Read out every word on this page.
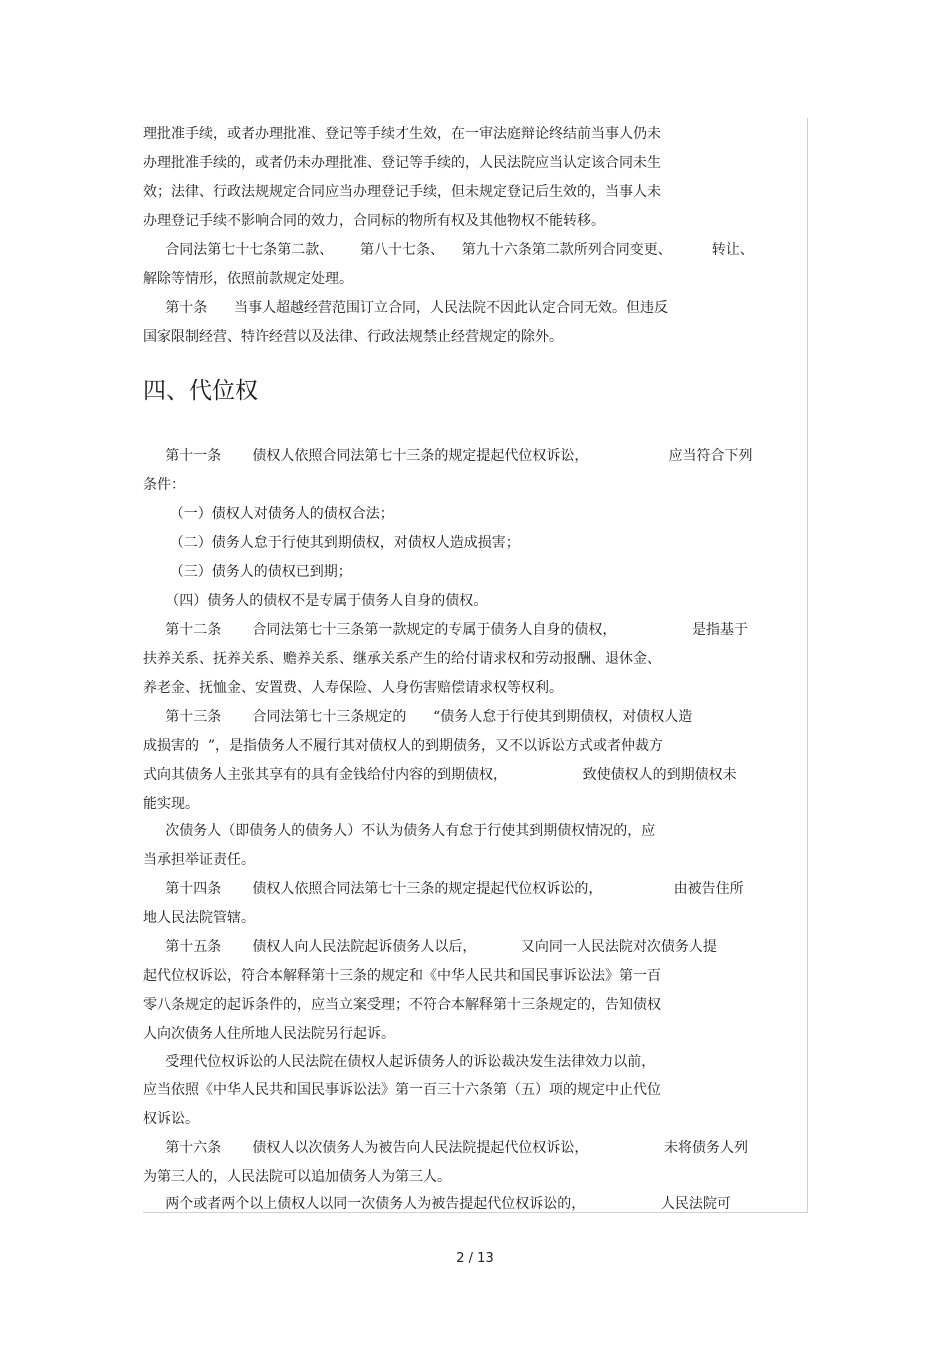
理批准手续，或者办理批准、登记等手续才生效，在一审法庭辩论终结前当事人仍未
办理批准手续的，或者仍未办理批准、登记等手续的，人民法院应当认定该合同未生
效；法律、行政法规规定合同应当办理登记手续，但未规定登记后生效的，当事人未
办理登记手续不影响合同的效力，合同标的物所有权及其他物权不能转移。
合同法第七十七条第二款、      第八十七条、    第九十六条第二款所列合同变更、         转让、
解除等情形，依照前款规定处理。
第十条      当事人超越经营范围订立合同，人民法院不因此认定合同无效。但违反
国家限制经营、特许经营以及法律、行政法规禁止经营规定的除外。
四、代位权
第十一条       债权人依照合同法第七十三条的规定提起代位权诉讼，                  应当符合下列
条件：
（一）债权人对债务人的债权合法；
（二）债务人怠于行使其到期债权，对债权人造成损害；
（三）债务人的债权已到期；
（四）债务人的债权不是专属于债务人自身的债权。
第十二条       合同法第七十三条第一款规定的专属于债务人自身的债权，                 是指基于
扶养关系、抚养关系、赡养关系、继承关系产生的给付请求权和劳动报酬、退休金、
养老金、抚恤金、安置费、人寿保险、人身伤害赔偿请求权等权利。
第十三条       合同法第七十三条规定的      “债务人怠于行使其到期债权，对债权人造
成损害的  ”，是指债务人不履行其对债权人的到期债务，又不以诉讼方式或者仲裁方
式向其债务人主张其享有的具有金钱给付内容的到期债权，                 致使债权人的到期债权未
能实现。
次债务人（即债务人的债务人）不认为债务人有怠于行使其到期债权情况的，应
当承担举证责任。
第十四条       债权人依照合同法第七十三条的规定提起代位权诉讼的，                由被告住所
地人民法院管辖。
第十五条       债权人向人民法院起诉债务人以后，          又向同一人民法院对次债务人提
起代位权诉讼，符合本解释第十三条的规定和《中华人民共和国民事诉讼法》第一百
零八条规定的起诉条件的，应当立案受理；不符合本解释第十三条规定的，告知债权
人向次债务人住所地人民法院另行起诉。
受理代位权诉讼的人民法院在债权人起诉债务人的诉讼裁决发生法律效力以前，
应当依照《中华人民共和国民事诉讼法》第一百三十六条第（五）项的规定中止代位
权诉讼。
第十六条       债权人以次债务人为被告向人民法院提起代位权诉讼，                 未将债务人列
为第三人的，人民法院可以追加债务人为第三人。
两个或者两个以上债权人以同一次债务人为被告提起代位权诉讼的，                 人民法院可
2 / 13
